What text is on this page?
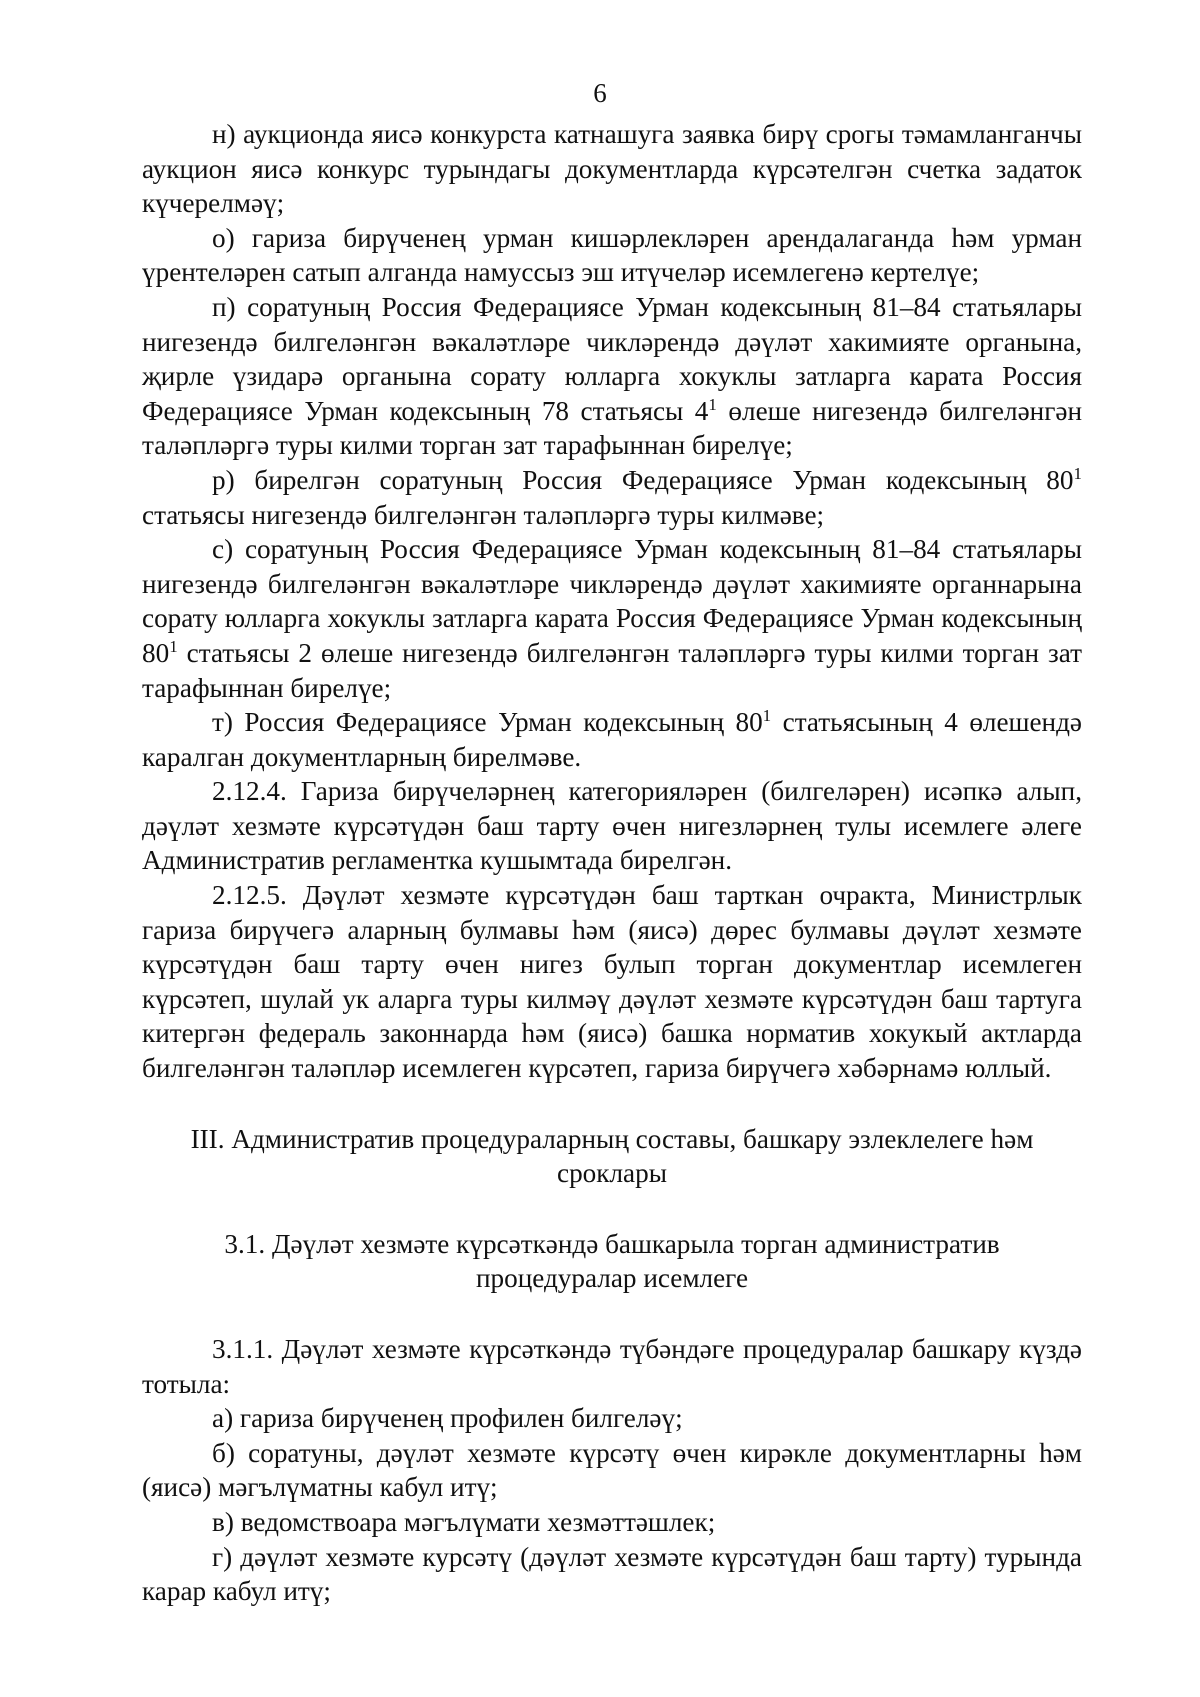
6

н) аукционда яисә конкурста катнашуга заявка бирү срогы тәмамланганчы аукцион яисә конкурс турындагы документларда күрсәтелгән счетка задаток күчерелмәү;

о) гариза бирүченең урман кишәрлекләрен арендалаганда һәм урман үрентеләрен сатып алганда намуссыз эш итүчеләр исемлегенә кертелүе;

п) соратуның Россия Федерациясе Урман кодексының 81–84 статьялары нигезендә билгеләнгән вәкаләтләре чикләрендә дәүләт хакимияте органына, җирле үзидарә органына сорату юлларга хокуклы затларга карата Россия Федерациясе Урман кодексының 78 статьясы $4^1$ өлеше нигезендә билгеләнгән таләпләргә туры килми торган зат тарафыннан бирелүе;

р) бирелгән соратуның Россия Федерациясе Урман кодексының $80^1$ статьясы нигезендә билгеләнгән таләпләргә туры килмәве;

с) соратуның Россия Федерациясе Урман кодексының 81–84 статьялары нигезендә билгеләнгән вәкаләтләре чикләрендә дәүләт хакимияте органнарына сорату юлларга хокуклы затларга карата Россия Федерациясе Урман кодексының $80^1$ статьясы 2 өлеше нигезендә билгеләнгән таләпләргә туры килми торган зат тарафыннан бирелүе;

т) Россия Федерациясе Урман кодексының $80^1$ статьясының 4 өлешендә каралган документларның бирелмәве.

2.12.4. Гариза бирүчеләрнең категорияләрен (билгеләрен) исәпкә алып, дәүләт хезмәте күрсәтүдән баш тарту өчен нигезләрнең тулы исемлеге әлеге Административ регламентка кушымтада бирелгән.

2.12.5. Дәүләт хезмәте күрсәтүдән баш тарткан очракта, Министрлык гариза бирүчегә аларның булмавы һәм (яисә) дөрес булмавы дәүләт хезмәте күрсәтүдән баш тарту өчен нигез булып торган документлар исемлеген күрсәтеп, шулай ук аларга туры килмәү дәүләт хезмәте күрсәтүдән баш тартуга китергән федераль законнарда һәм (яисә) башка норматив хокукый актларда билгеләнгән таләпләр исемлеген күрсәтеп, гариза бирүчегә хәбәрнамә юллый.

III. Административ процедураларның составы, башкару эзлеклелеге һәм сроклары

3.1. Дәүләт хезмәте күрсәткәндә башкарыла торган административ процедуралар исемлеге

3.1.1. Дәүләт хезмәте күрсәткәндә түбәндәге процедуралар башкару күздә тотыла:

а) гариза бирүченең профилен билгеләү;

б) соратуны, дәүләт хезмәте күрсәтү өчен кирәкле документларны һәм (яисә) мәгълүматны кабул итү;

в) ведомствоара мәгълүмати хезмәттәшлек;

г) дәүләт хезмәте курсәтү (дәүләт хезмәте күрсәтүдән баш тарту) турында карар кабул итү;
